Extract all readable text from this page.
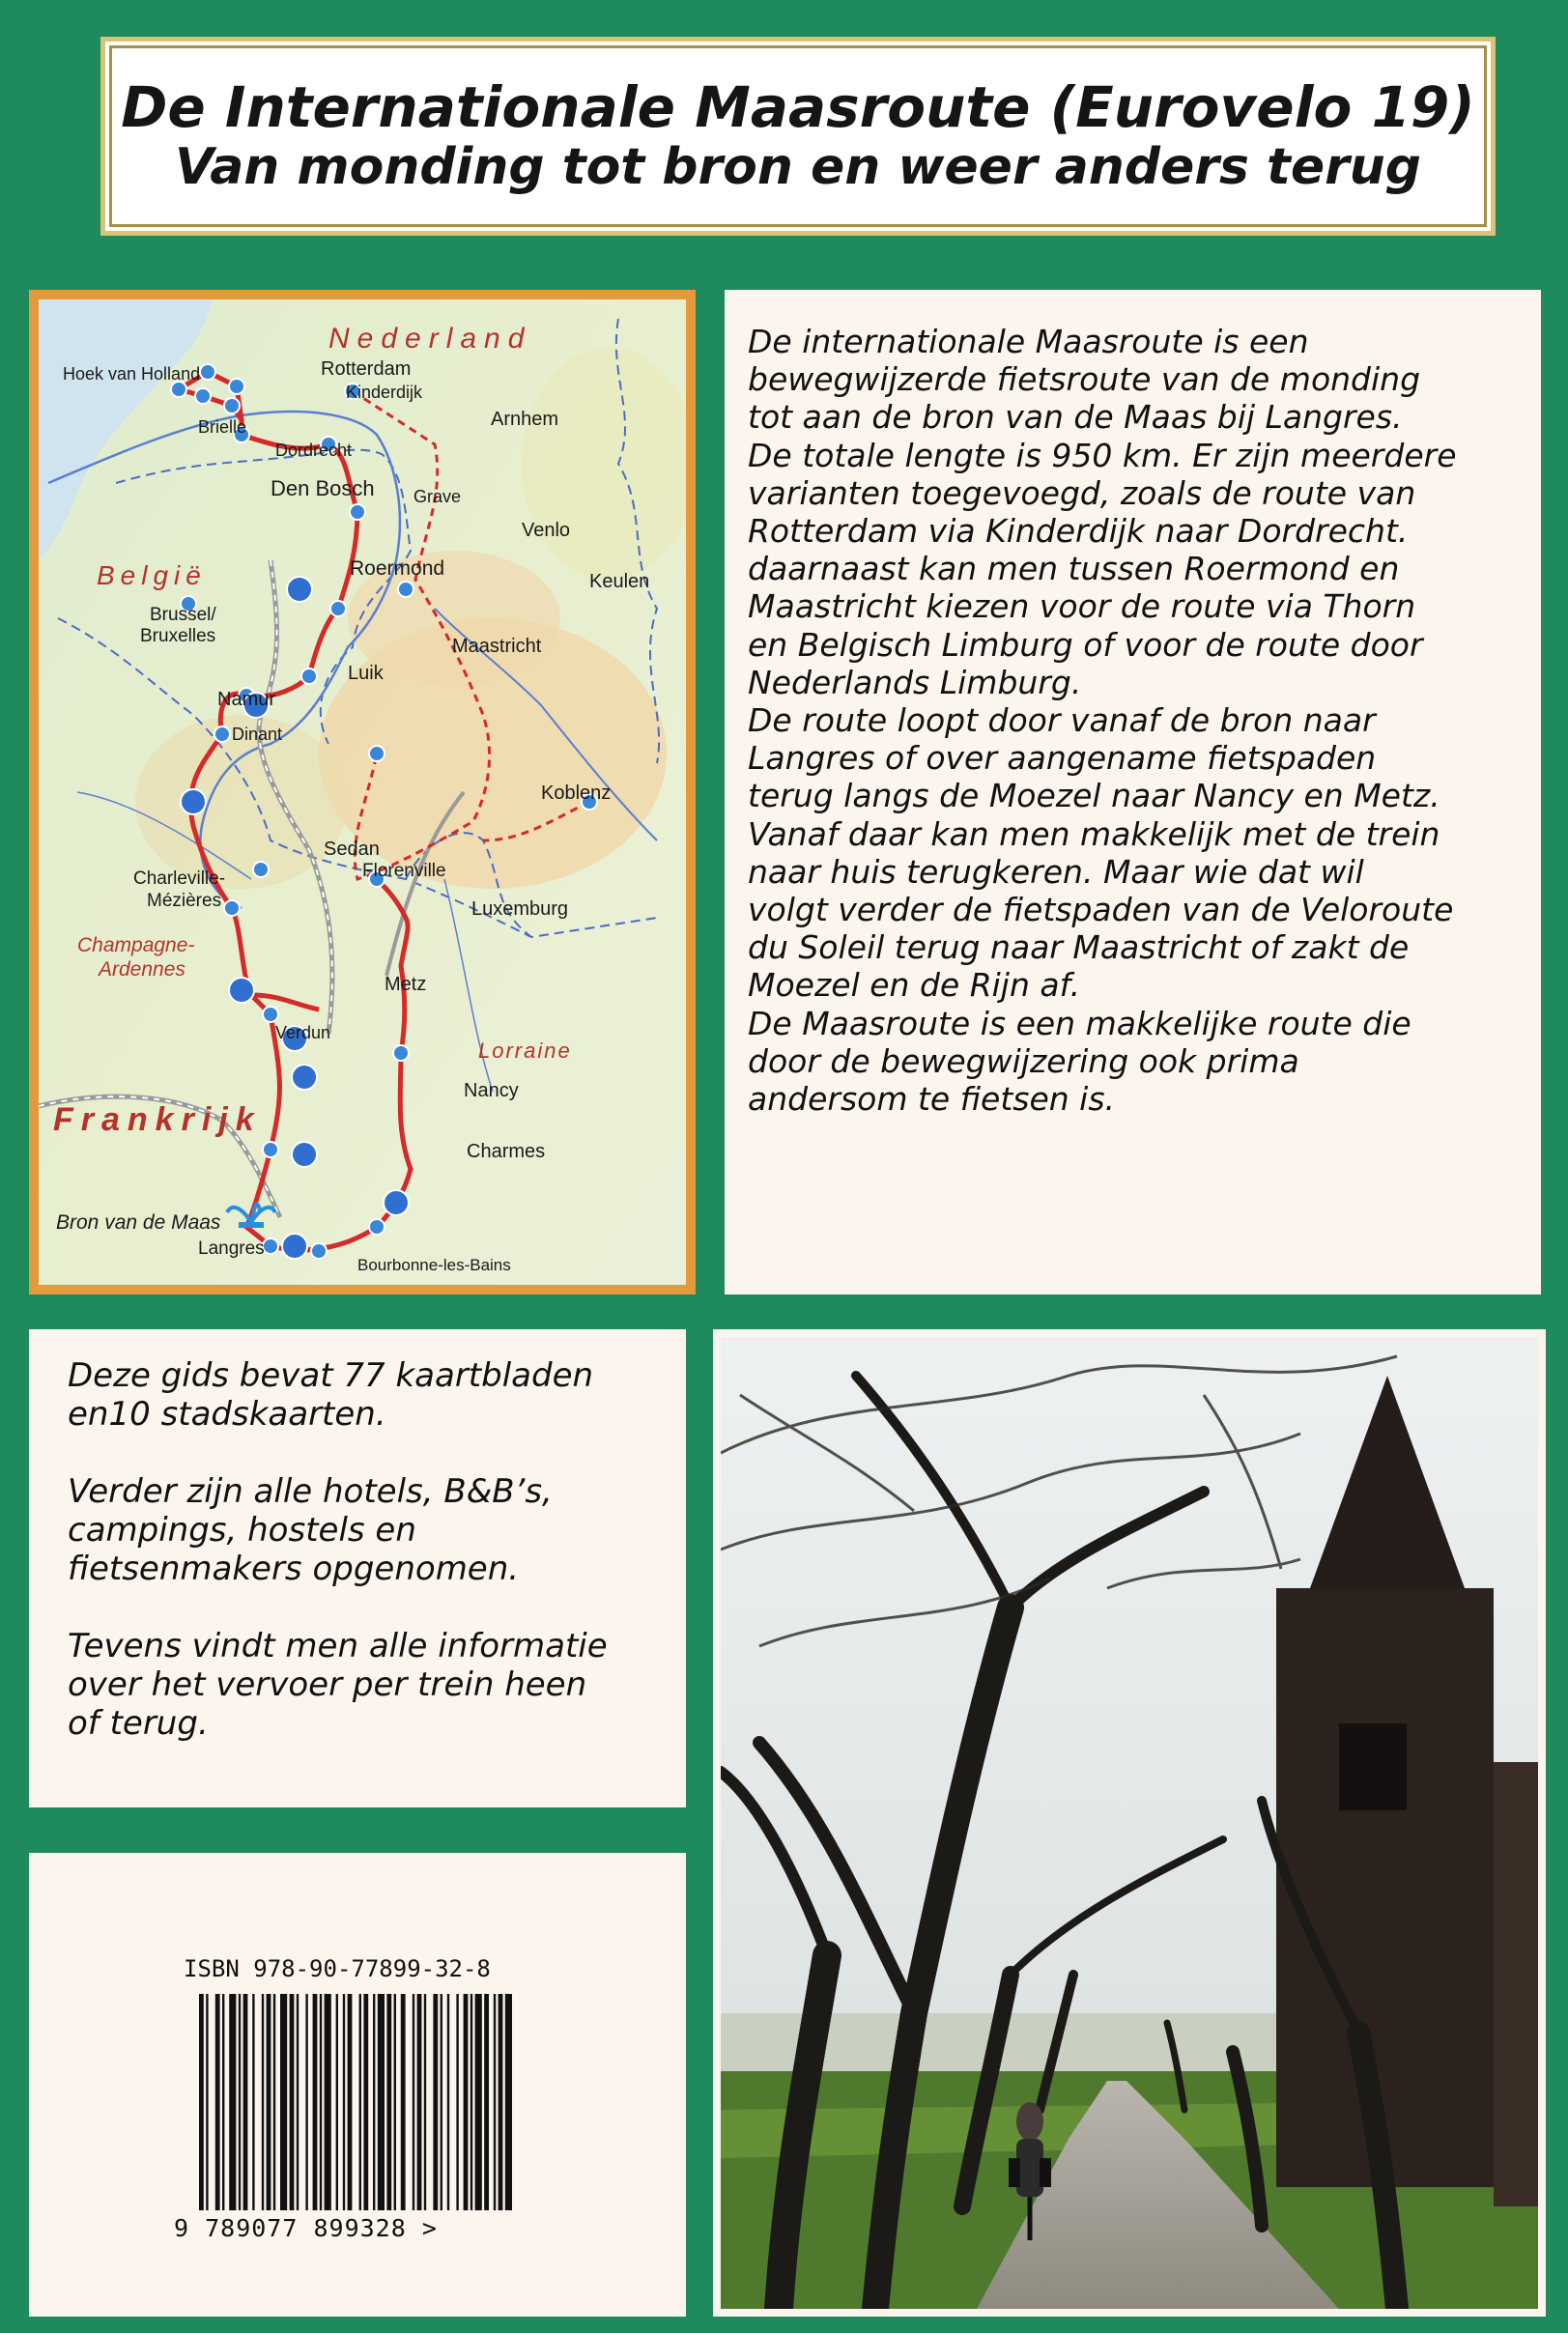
De Internationale Maasroute (Eurovelo 19)
Van monding tot bron en weer anders terug
Nederland
België
Frankrijk
Champagne-
Ardennes
Lorraine
Hoek van Holland	Rotterdam
Kinderdijk
Arnhem
Brielle
Dordrecht
Den Bosch Grave
Venlo
Roermond
Keulen
Brussel/
Bruxelles	Maastricht
Luik
Namur
Dinant
Koblenz
Sedan
Florenville
Charleville-
Mézières	Luxemburg
Metz
Verdun
Nancy
Charmes
Bron van de Maas
Langres
Bourbonne-les-Bains

De internationale Maasroute is een
bewegwijzerde fietsroute van de monding
tot aan de bron van de Maas bij Langres.
De totale lengte is 950 km. Er zijn meerdere
varianten toegevoegd, zoals de route van
Rotterdam via Kinderdijk naar Dordrecht.
daarnaast kan men tussen Roermond en
Maastricht kiezen voor de route via Thorn
en Belgisch Limburg of voor de route door
Nederlands Limburg.
De route loopt door vanaf de bron naar
Langres of over aangename fietspaden
terug langs de Moezel naar Nancy en Metz.
Vanaf daar kan men makkelijk met de trein
naar huis terugkeren. Maar wie dat wil
volgt verder de fietspaden van de Veloroute
du Soleil terug naar Maastricht of zakt de
Moezel en de Rijn af.
De Maasroute is een makkelijke route die
door de bewegwijzering ook prima
andersom te fietsen is.

Deze gids bevat 77 kaartbladen
en10 stadskaarten.

Verder zijn alle hotels, B&B’s,
campings, hostels en
fietsenmakers opgenomen.

Tevens vindt men alle informatie
over het vervoer per trein heen
of terug.

ISBN 978-90-77899-32-8
9 789077 899328 >
